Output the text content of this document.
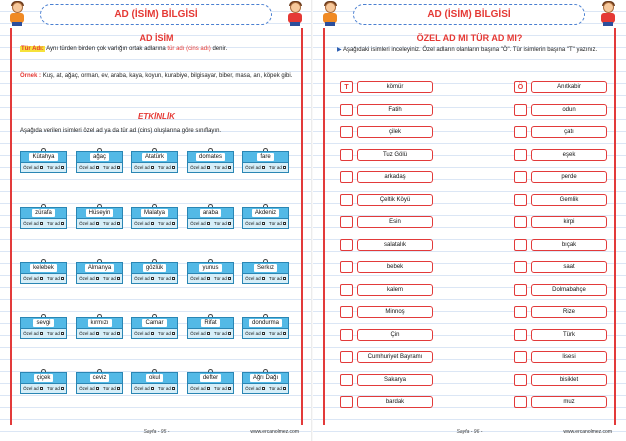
AD (İSİM) BİLGİSİ
AD İSİM
Tür Adı: Aynı türden birden çok varlığın ortak adlarına tür adı (cins adı) denir.
Örnek : Kuş, at, ağaç, orman, ev, araba, kaya, koyun, kurabiye, bilgisayar, biber, masa, arı, köpek gibi.
ETKİNLİK
Aşağıda verilen isimleri özel ad ya da tür ad (cins) oluşlarına göre sınıflayın.
Kütahya
Özel ad	Tür ad
ağaç
Özel ad	Tür ad
Atatürk
Özel ad	Tür ad
domates
Özel ad	Tür ad
fare
Özel ad	Tür ad
zürafa
Özel ad	Tür ad
Hüseyin
Özel ad	Tür ad
Malatya
Özel ad	Tür ad
araba
Özel ad	Tür ad
Akdeniz
Özel ad	Tür ad
kelebek
Özel ad	Tür ad
Almanya
Özel ad	Tür ad
gözlük
Özel ad	Tür ad
yunus
Özel ad	Tür ad
Serkız
Özel ad	Tür ad
sevgi
Özel ad	Tür ad
kırmızı
Özel ad	Tür ad
Camar
Özel ad	Tür ad
Rifat
Özel ad	Tür ad
dondurma
Özel ad	Tür ad
çiçek
Özel ad	Tür ad
ceviz
Özel ad	Tür ad
okul
Özel ad	Tür ad
defter
Özel ad	Tür ad
Ağrı Dağı
Özel ad	Tür ad
Sayfa - 95 -	www.ercanolmez.com
AD (İSİM) BİLGİSİ
ÖZEL AD MI TÜR AD MI?
▶ Aşağıdaki isimleri inceleyiniz. Özel adların olanların başına "Ö". Tür isimlerin başına "T" yazınız.
T	kömür
Fatih
çilek
Tuz Gölü
arkadaş
Çeltik Köyü
Esin
salatalık
bebek
kalem
Minnoş
Çin
Cumhuriyet Bayramı
Sakarya
bardak
Ö	Anıtkabir
odun
çatı
eşek
perde
Gemlik
kirpi
bıçak
saat
Dolmabahçe
Rize
Türk
lisesi
bisiklet
muz
Sayfa - 96 -	www.ercanolmez.com
